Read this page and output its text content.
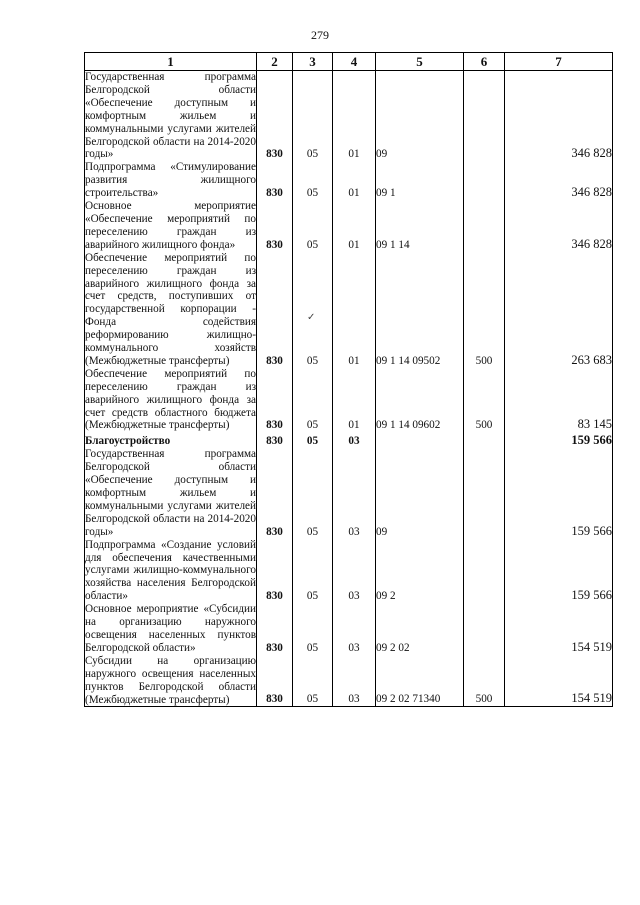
279
1	2	3	4	5	6	7
Государственная программа Белгородской области «Обеспечение доступным и комфортным жильем и коммунальными услугами жителей Белгородской области на 2014-2020 годы»	830	05	01	09		346 828
Подпрограмма «Стимулирование развития жилищного строительства»	830	05	01	09 1		346 828
Основное мероприятие «Обеспечение мероприятий по переселению граждан из аварийного жилищного фонда»	830	05	01	09 1 14		346 828
Обеспечение мероприятий по переселению граждан из аварийного жилищного фонда за счет средств, поступивших от государственной корпорации - Фонда содействия реформированию жилищно-коммунального хозяйств (Межбюджетные трансферты)	830	05	01	09 1 14 09502	500	263 683
Обеспечение мероприятий по переселению граждан из аварийного жилищного фонда за счет средств областного бюджета (Межбюджетные трансферты)	830	05	01	09 1 14 09602	500	83 145
Благоустройство	830	05	03			159 566
Государственная программа Белгородской области «Обеспечение доступным и комфортным жильем и коммунальными услугами жителей Белгородской области на 2014-2020 годы»	830	05	03	09		159 566
Подпрограмма «Создание условий для обеспечения качественными услугами жилищно-коммунального хозяйства населения Белгородской области»	830	05	03	09 2		159 566
Основное мероприятие «Субсидии на организацию наружного освещения населенных пунктов Белгородской области»	830	05	03	09 2 02		154 519
Субсидии на организацию наружного освещения населенных пунктов Белгородской области (Межбюджетные трансферты)	830	05	03	09 2 02 71340	500	154 519
✓
